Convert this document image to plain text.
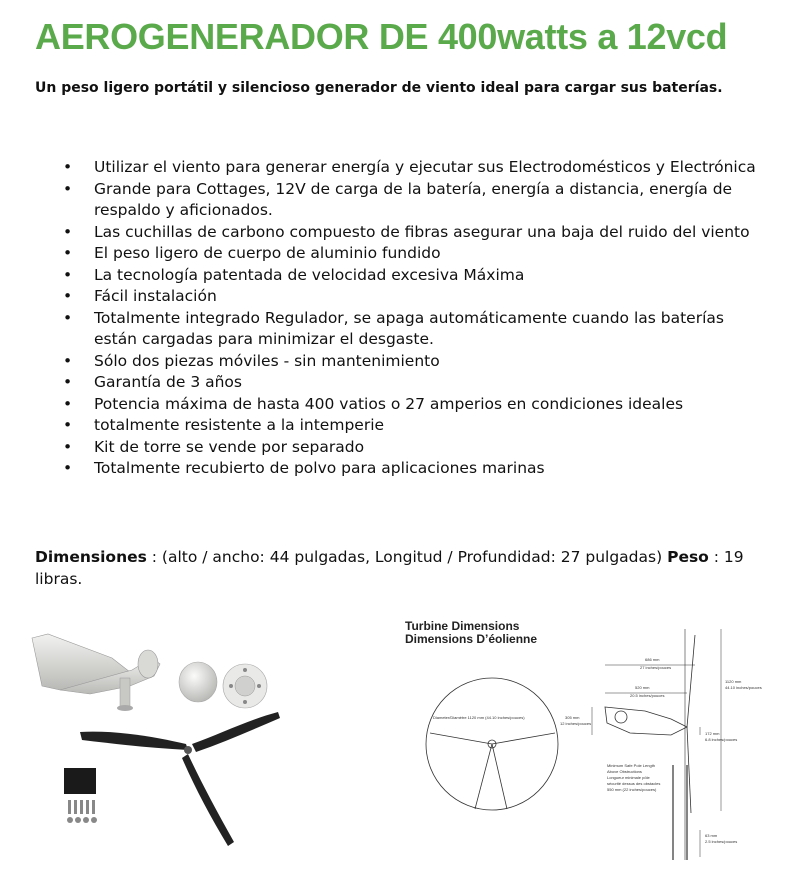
AEROGENERADOR DE 400watts a 12vcd

Un peso ligero portátil y silencioso generador de viento ideal para cargar sus baterías.

• Utilizar el viento para generar energía y ejecutar sus Electrodomésticos y Electrónica
• Grande para Cottages, 12V de carga de la batería, energía a distancia, energía de respaldo y aficionados.
• Las cuchillas de carbono compuesto de fibras asegurar una baja del ruido del viento
• El peso ligero de cuerpo de aluminio fundido
• La tecnología patentada de velocidad excesiva Máxima
• Fácil instalación
• Totalmente integrado Regulador, se apaga automáticamente cuando las baterías están cargadas para minimizar el desgaste.
• Sólo dos piezas móviles - sin mantenimiento
• Garantía de 3 años
• Potencia máxima de hasta 400 vatios o 27 amperios en condiciones ideales
• totalmente resistente a la intemperie
• Kit de torre se vende por separado
• Totalmente recubierto de polvo para aplicaciones marinas

Dimensiones : (alto / ancho: 44 pulgadas, Longitud / Profundidad: 27 pulgadas) Peso : 19 libras.

Turbine Dimensions
Dimensions D’éolienne
Diameter/Diamètre 1120 mm (44.10 inches/pouces)
686 mm
27 inches/pouces
520 mm
20.5 inches/pouces
305 mm
12 inches/pouces
1120 mm
44.10 inches/pouces
172 mm
6.8 inches/pouces
Minimum Safe Pole Length
Above Obstructions
Longueur minimale pôle
sécurité dessus des obstacles
550 mm (22 inches/pouces)
63 mm
2.5 inches/pouces
